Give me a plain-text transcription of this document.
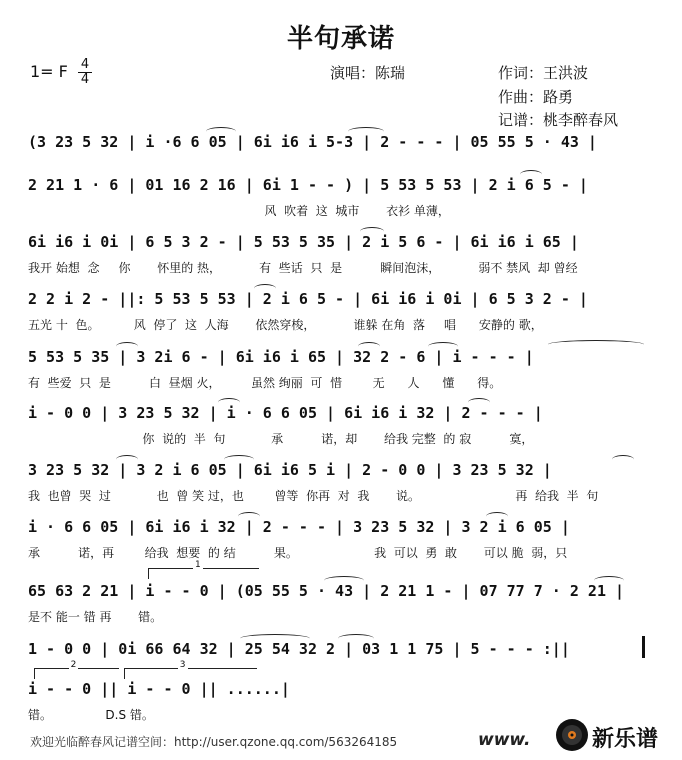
半句承诺
1= F 4
4	演唱：陈瑞	作词：王洪波
作曲：路勇
记谱：桃李醉春风
(3 23 5 32 | i ·6 6 05 | 6i i6 i 5-3 | 2 - - - | 05 55 5 · 43 |
2 21 1 · 6 | 01 16 2 16 | 6i 1 - - ) | 5 53 5 53 | 2 i 6 5 - |
风  吹着  这  城市       衣衫 单薄，
6i i6 i 0i | 6 5 3 2 - | 5 53 5 35 | 2 i 5 6 - | 6i i6 i 65 |
我开 始想  念     你       怀里的 热，          有  些话  只  是          瞬间泡沫，          弱不 禁风  却 曾经
2 2 i 2 - ||: 5 53 5 53 | 2 i 6 5 - | 6i i6 i 0i | 6 5 3 2 - |
五光 十  色。         风  停了  这  人海       依然穿梭，          谁躲 在角  落     唱      安静的 歌，
5 53 5 35 | 3 2i 6 - | 6i i6 i 65 | 32 2 - 6 | i - - - |
有  些爱  只  是          白  昼烟 火，        虽然 绚丽  可  惜        无      人      懂      得。
i - 0 0 | 3 23 5 32 | i · 6 6 05 | 6i i6 i 32 | 2 - - - |
你  说的  半  句            承          诺，却       给我 完整  的 寂          寞，
3 23 5 32 | 3 2 i 6 05 | 6i i6 5 i | 2 - 0 0 | 3 23 5 32 |
我  也曾  哭  过            也  曾 笑 过，也        曾等  你再  对  我       说。                         再  给我  半  句
i · 6 6 05 | 6i i6 i 32 | 2 - - - | 3 23 5 32 | 3 2 i 6 05 |
承          诺，再        给我  想要  的 结          果。                    我  可以  勇  敢       可以 脆  弱，只
1
65 63 2 21 | i - - 0 | (05 55 5 · 43 | 2 21 1 - | 07 77 7 · 2 21 |
是不 能一 错 再       错。
1 - 0 0 | 0i 66 64 32 | 25 54 32 2 | 03 1 1 75 | 5 - - - :||
2	3
i - - 0 || i - - 0 || ......|
错。              D.S 错。
欢迎光临醉春风记谱空间：http://user.qzone.qq.com/563264185	www.	新乐谱
